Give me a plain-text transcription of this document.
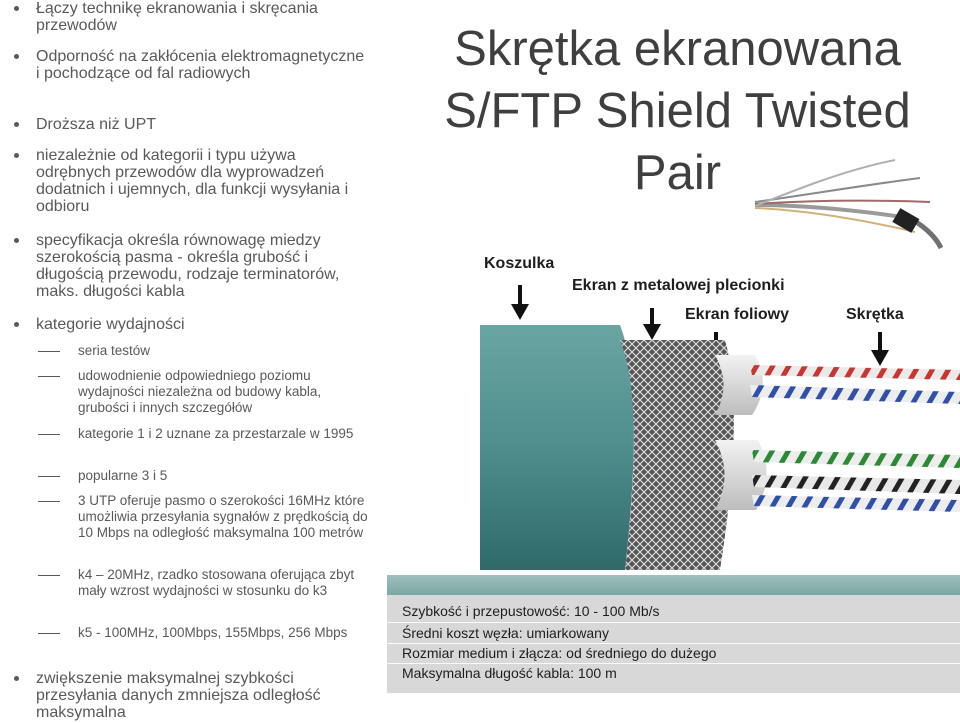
Łączy technikę ekranowania i skręcania przewodów
Odporność na zakłócenia elektromagnetyczne i pochodzące od fal radiowych
Droższa niż UPT
niezależnie od kategorii i typu używa odrębnych przewodów dla wyprowadzeń dodatnich i ujemnych, dla funkcji wysyłania i odbioru
specyfikacja określa równowagę miedzy szerokością pasma - określa grubość i długością przewodu, rodzaje terminatorów, maks. długości kabla
kategorie wydajności
seria testów
udowodnienie odpowiedniego poziomu wydajności niezależna od budowy kabla, grubości i innych szczegółów
kategorie 1 i 2 uznane za przestarzale w 1995
popularne 3 i 5
3 UTP oferuje pasmo o szerokości 16MHz które umożliwia przesyłania sygnałów z prędkością do 10 Mbps na odległość maksymalna 100 metrów
k4 – 20MHz, rzadko stosowana oferująca zbyt mały wzrost wydajności w stosunku do k3
k5 - 100MHz, 100Mbps, 155Mbps, 256 Mbps
zwiększenie maksymalnej szybkości przesyłania danych zmniejsza odległość maksymalna
Skrętka ekranowana S/FTP Shield Twisted Pair
Koszulka
Ekran z metalowej plecionki
Ekran foliowy	Skrętka
Szybkość i przepustowość: 10 - 100 Mb/s
Średni koszt węzła: umiarkowany
Rozmiar medium i złącza: od średniego do dużego
Maksymalna długość kabla: 100 m
